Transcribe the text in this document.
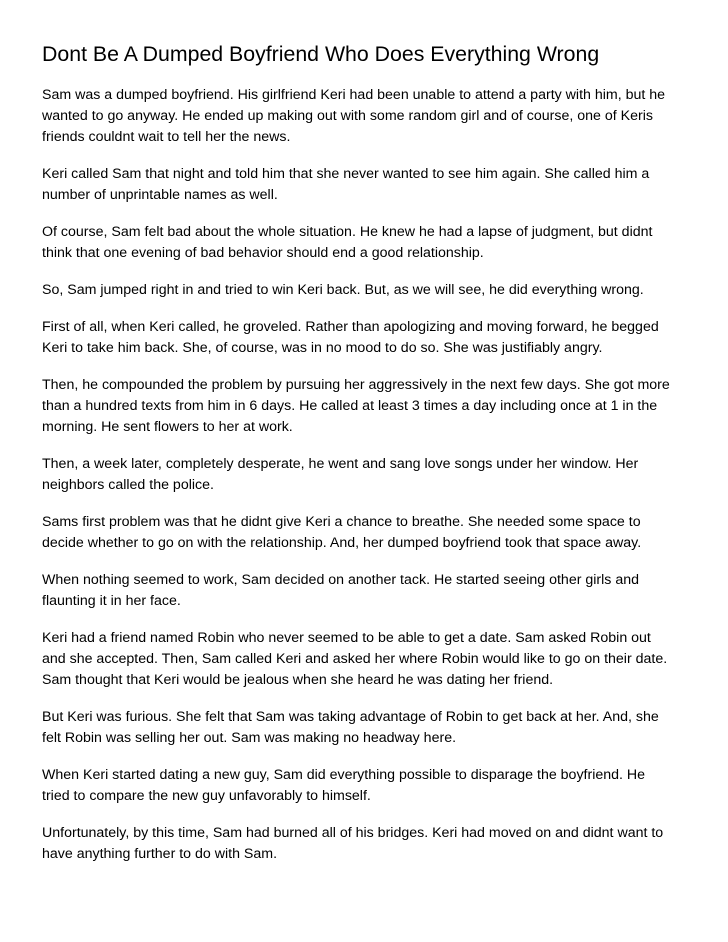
Dont Be A Dumped Boyfriend Who Does Everything Wrong

Sam was a dumped boyfriend. His girlfriend Keri had been unable to attend a party with him, but he
wanted to go anyway. He ended up making out with some random girl and of course, one of Keris
friends couldnt wait to tell her the news.

Keri called Sam that night and told him that she never wanted to see him again. She called him a
number of unprintable names as well.

Of course, Sam felt bad about the whole situation. He knew he had a lapse of judgment, but didnt
think that one evening of bad behavior should end a good relationship.

So, Sam jumped right in and tried to win Keri back. But, as we will see, he did everything wrong.

First of all, when Keri called, he groveled. Rather than apologizing and moving forward, he begged
Keri to take him back. She, of course, was in no mood to do so. She was justifiably angry.

Then, he compounded the problem by pursuing her aggressively in the next few days. She got more
than a hundred texts from him in 6 days. He called at least 3 times a day including once at 1 in the
morning. He sent flowers to her at work.

Then, a week later, completely desperate, he went and sang love songs under her window. Her
neighbors called the police.

Sams first problem was that he didnt give Keri a chance to breathe. She needed some space to
decide whether to go on with the relationship. And, her dumped boyfriend took that space away.

When nothing seemed to work, Sam decided on another tack. He started seeing other girls and
flaunting it in her face.

Keri had a friend named Robin who never seemed to be able to get a date. Sam asked Robin out
and she accepted. Then, Sam called Keri and asked her where Robin would like to go on their date.
Sam thought that Keri would be jealous when she heard he was dating her friend.

But Keri was furious. She felt that Sam was taking advantage of Robin to get back at her. And, she
felt Robin was selling her out. Sam was making no headway here.

When Keri started dating a new guy, Sam did everything possible to disparage the boyfriend. He
tried to compare the new guy unfavorably to himself.

Unfortunately, by this time, Sam had burned all of his bridges. Keri had moved on and didnt want to
have anything further to do with Sam.
